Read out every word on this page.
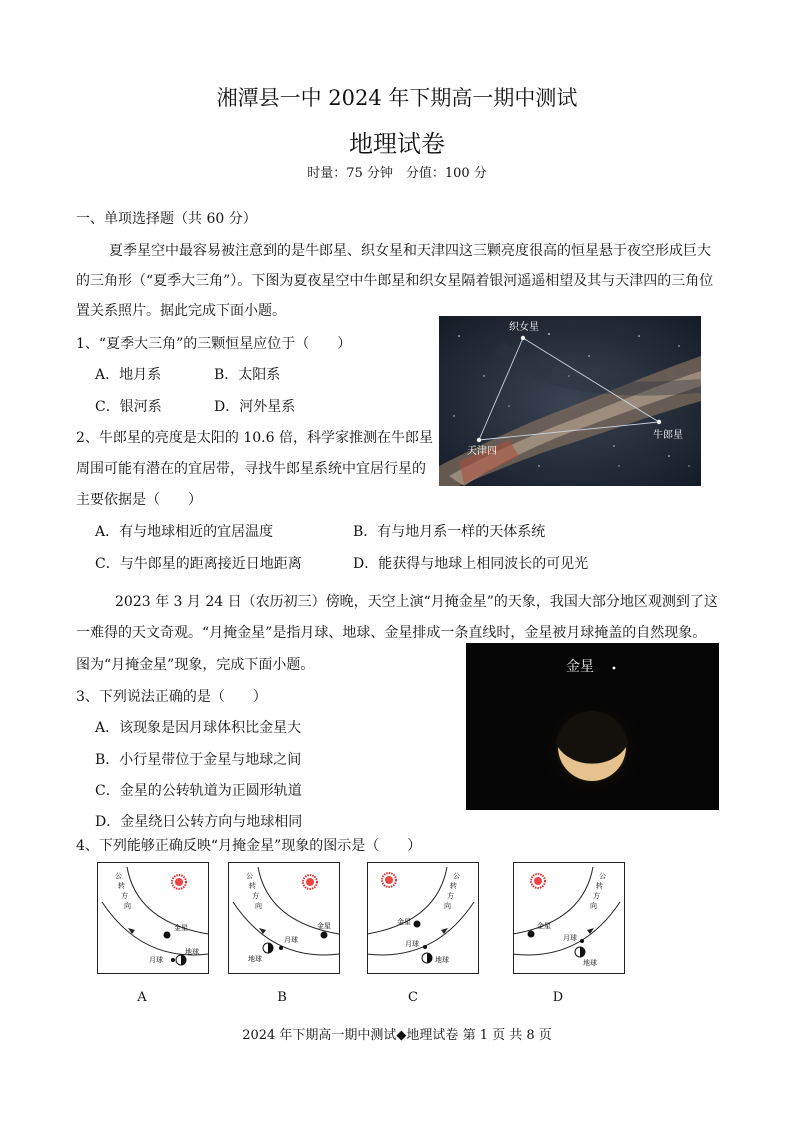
湘潭县一中 2024 年下期高一期中测试
地理试卷
时量：75 分钟　分值：100 分
一、单项选择题（共 60 分）
夏季星空中最容易被注意到的是牛郎星、织女星和天津四这三颗亮度很高的恒星悬于夜空形成巨大
的三角形（“夏季大三角”）。下图为夏夜星空中牛郎星和织女星隔着银河遥遥相望及其与天津四的三角位
置关系照片。据此完成下面小题。
1、“夏季大三角”的三颗恒星应位于（　　）
A．地月系	B．太阳系
C．银河系	D．河外星系
2、牛郎星的亮度是太阳的 10.6 倍，科学家推测在牛郎星
周围可能有潜在的宜居带，寻找牛郎星系统中宜居行星的
主要依据是（　　）
A．有与地球相近的宜居温度	B．有与地月系一样的天体系统
C．与牛郎星的距离接近日地距离	D．能获得与地球上相同波长的可见光
织女星
天津四
牛郎星
2023 年 3 月 24 日（农历初三）傍晚，天空上演“月掩金星”的天象，我国大部分地区观测到了这
一难得的天文奇观。“月掩金星”是指月球、地球、金星排成一条直线时，金星被月球掩盖的自然现象。
图为“月掩金星”现象，完成下面小题。	金星
3、下列说法正确的是（　　）
A．该现象是因月球体积比金星大
B．小行星带位于金星与地球之间
C．金星的公转轨道为正圆形轨道
D．金星绕日公转方向与地球相同
4、下列能够正确反映“月掩金星”现象的图示是（　　）
公
转
方
向
金星
地球
月球
A
公
转
方
向
金星
地球
月球
B
公
转
方
向
金星
地球
月球
C
公
转
方
向
金星
地球
月球
D
2024 年下期高一期中测试◆地理试卷 第 1 页 共 8 页
